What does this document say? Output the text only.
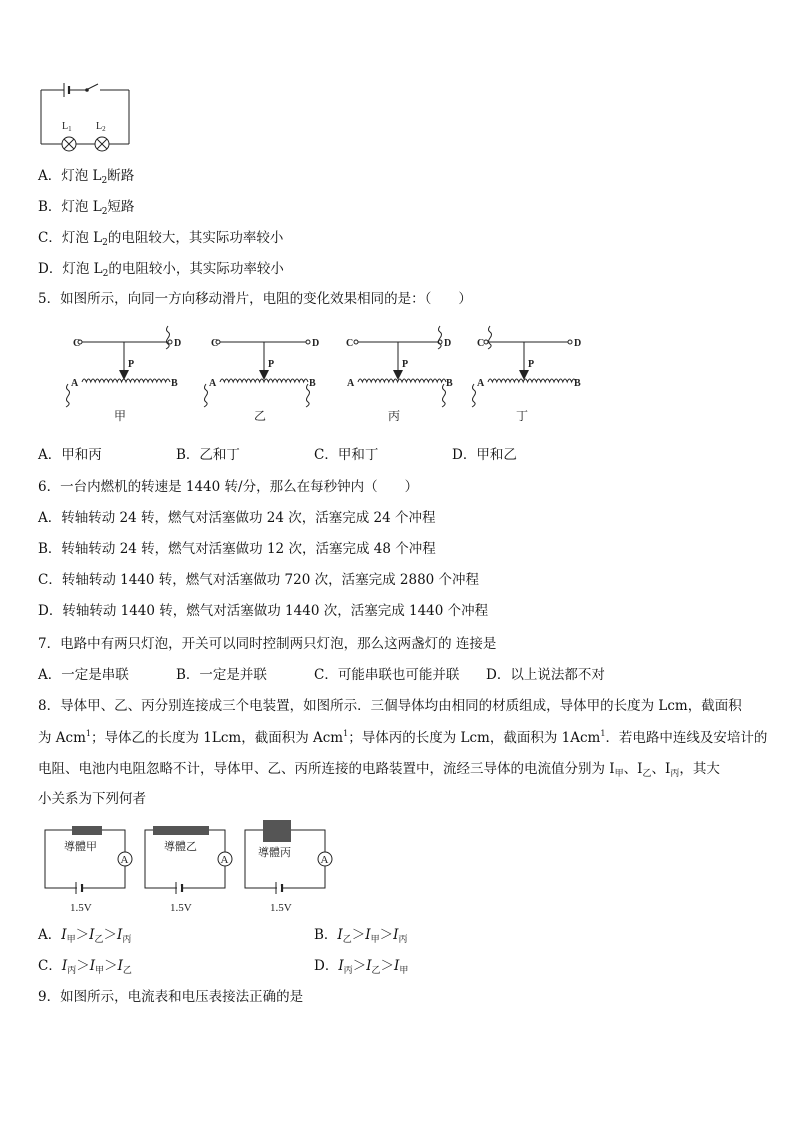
$L_1$ $L_2$
A．灯泡 $L_2$断路
B．灯泡 $L_2$短路
C．灯泡 $L_2$的电阻较大，其实际功率较小
D．灯泡 $L_2$的电阻较小，其实际功率较小
5．如图所示，向同一方向移动滑片，电阻的变化效果相同的是：（　　）
C	D
A	B
P
C	D
A	B
P
C	D
A	B
P
C	D
A	B
P
甲	乙	丙	丁
A．甲和丙	B．乙和丁	C．甲和丁	D．甲和乙
6．一台内燃机的转速是 1440 转/分，那么在每秒钟内（　　）
A．转轴转动 24 转，燃气对活塞做功 24 次，活塞完成 24 个冲程
B．转轴转动 24 转，燃气对活塞做功 12 次，活塞完成 48 个冲程
C．转轴转动 1440 转，燃气对活塞做功 720 次，活塞完成 2880 个冲程
D．转轴转动 1440 转，燃气对活塞做功 1440 次，活塞完成 1440 个冲程
7．电路中有两只灯泡，开关可以同时控制两只灯泡，那么这两盏灯的 连接是
A．一定是串联	B．一定是并联	C．可能串联也可能并联 D．以上说法都不对
8．导体甲、乙、丙分别连接成三个电装置，如图所示．三個导体均由相同的材质组成，导体甲的长度为 Lcm，截面积
为 Acm$^1$；导体乙的长度为 1Lcm，截面积为 Acm$^1$；导体丙的长度为 Lcm，截面积为 1Acm$^1$．若电路中连线及安培计的
电阻、电池内电阻忽略不计，导体甲、乙、丙所连接的电路装置中，流经三导体的电流值分别为 $I_甲$、$I_乙$、$I_丙$，其大
小关系为下列何者
A	A	A
導體甲	導體乙	導體丙
1.5V	1.5V	1.5V
A．$I_甲>I_乙>I_丙$	B．$I_乙>I_甲>I_丙$
C．$I_丙>I_甲>I_乙$	D．$I_丙>I_乙>I_甲$
9．如图所示，电流表和电压表接法正确的是
